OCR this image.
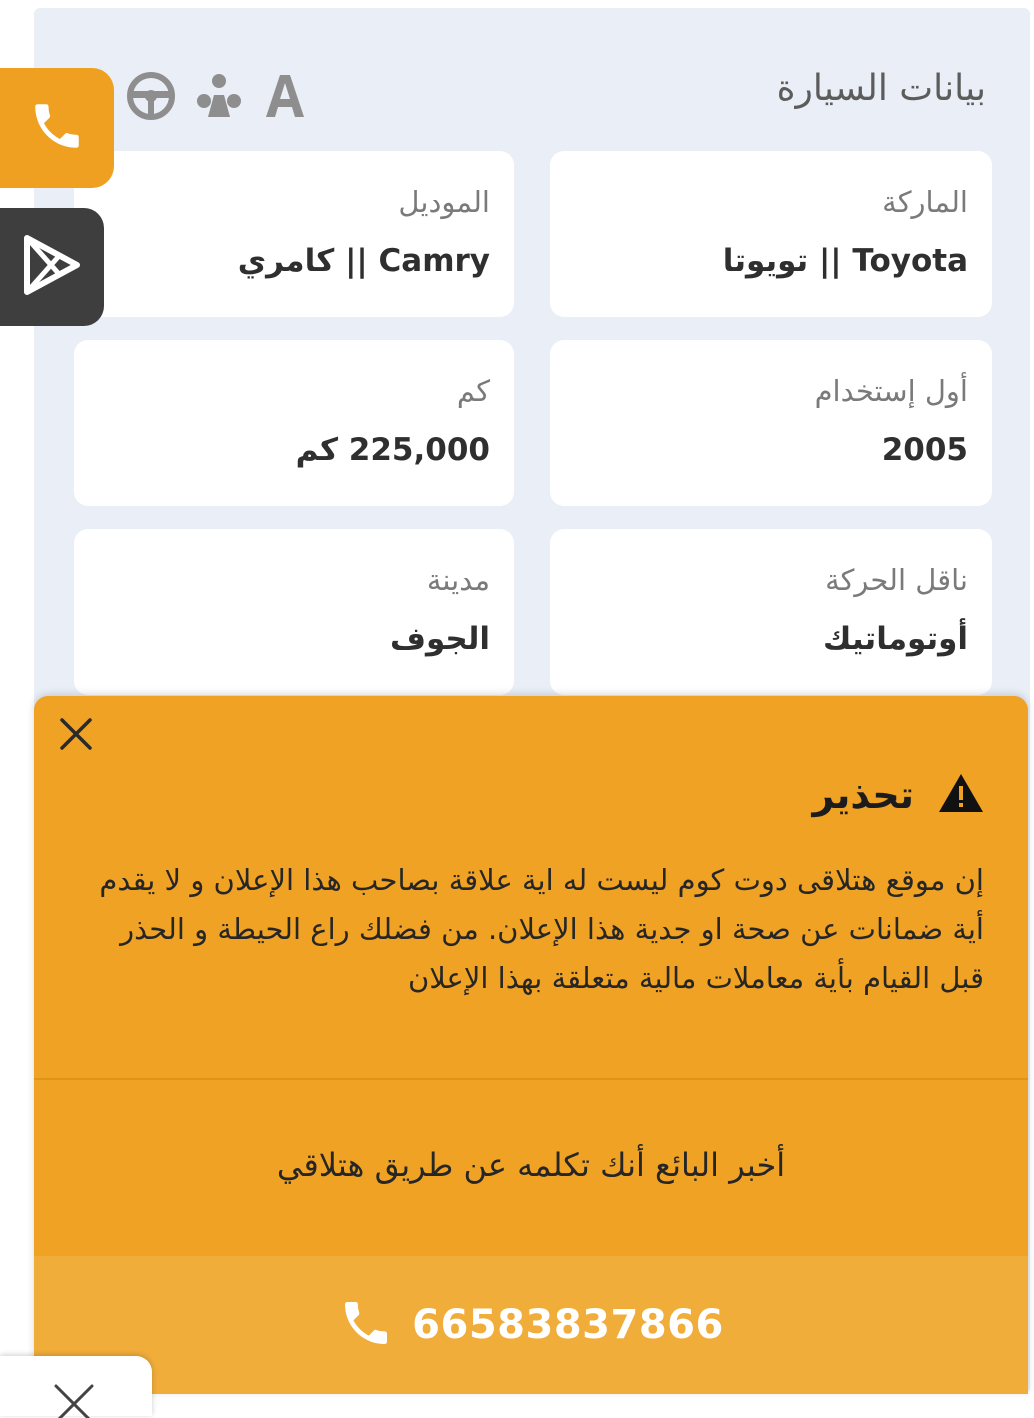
بيانات السيارة
الماركة
Toyota || تويوتا
الموديل
Camry || كامري
أول إستخدام
2005
كم
225,000 كم
ناقل الحركة
أوتوماتيك
مدينة
الجوف
تحذير
إن موقع هتلاقى دوت كوم ليست له اية علاقة بصاحب هذا الإعلان و لا يقدم أية ضمانات عن صحة او جدية هذا الإعلان. من فضلك راع الحيطة و الحذر قبل القيام بأية معاملات مالية متعلقة بهذا الإعلان
أخبر البائع أنك تكلمه عن طريق هتلاقي
66583837866
